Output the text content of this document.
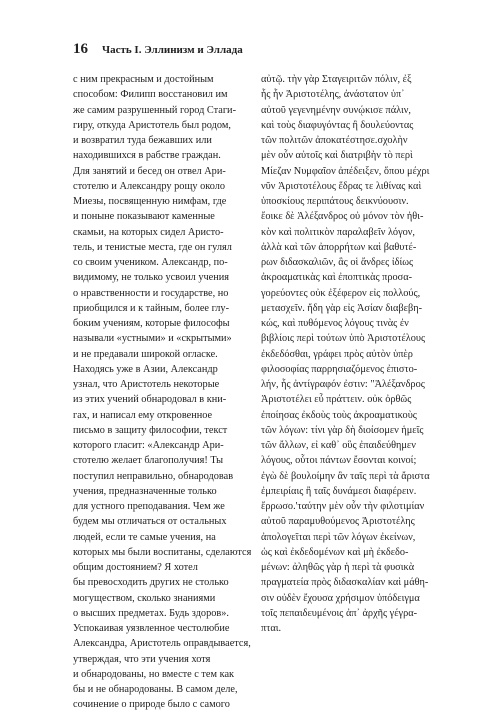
16 Часть I. Эллинизм и Эллада
с ним прекрасным и достойным
способом: Филипп восстановил им
же самим разрушенный город Стаги-
гиру, откуда Аристотель был родом,
и возвратил туда бежавших или
находившихся в рабстве граждан.
Для занятий и бесед он отвел Ари-
стотелю и Александру рощу около
Миезы, посвященную нимфам, где
и поныне показывают каменные
скамьи, на которых сидел Аристо-
тель, и тенистые места, где он гулял
со своим учеником. Александр, по-
видимому, не только усвоил учения
о нравственности и государстве, но
приобщился и к тайным, более глу-
боким учениям, которые философы
называли «устными» и «скрытыми»
и не предавали широкой огласке.
Находясь уже в Азии, Александр
узнал, что Аристотель некоторые
из этих учений обнародовал в кни-
гах, и написал ему откровенное
письмо в защиту философии, текст
которого гласит: «Александр Ари-
стотелю желает благополучия! Ты
поступил неправильно, обнародовав
учения, предназначенные только
для устного преподавания. Чем же
будем мы отличаться от остальных
людей, если те самые учения, на
которых мы были воспитаны, сделаются
общим достоянием? Я хотел
бы превосходить других не столько
могуществом, сколько знаниями
о высших предметах. Будь здоров».
Успокаивая уязвленное честолюбие
Александра, Аристотель оправдывается,
утверждая, что эти учения хотя
и обнародованы, но вместе с тем как
бы и не обнародованы. В самом деле,
сочинение о природе было с самого
αὐτῷ. τὴν γὰρ Σταγειριτῶν πόλιν, ἐξ
ἧς ἦν Ἀριστοτέλης, ἀνάστατον ὑπ᾽
αὐτοῦ γεγενημένην συνῴκισε πάλιν,
καὶ τοὺς διαφυγόντας ἢ δουλεύοντας
τῶν πολιτῶν ἀποκατέστησε.σχολὴν
μὲν οὖν αὐτοῖς καὶ διατριβὴν τὸ περὶ
Μίεζαν Νυμφαῖον ἀπέδειξεν, ὅπου μέχρι
νῦν Ἀριστοτέλους ἕδρας τε λιθίνας καὶ
ὑποσκίους περιπάτους δεικνύουσιν.
ἔοικε δὲ Ἀλέξανδρος οὐ μόνον τὸν ἠθι-
κὸν καὶ πολιτικὸν παραλαβεῖν λόγον,
ἀλλὰ καὶ τῶν ἀπορρήτων καὶ βαθυτέ-
ρων διδασκαλιῶν, ἃς οἱ ἄνδρες ἰδίως
ἀκροαματικὰς καὶ ἐποπτικὰς προσα-
γορεύοντες οὐκ ἐξέφερον εἰς πολλούς,
μετασχεῖν. ἤδη γὰρ εἰς Ἀσίαν διαβεβη-
κώς, καὶ πυθόμενος λόγους τινὰς ἐν
βιβλίοις περὶ τούτων ὑπὸ Ἀριστοτέλους
ἐκδεδόσθαι, γράφει πρὸς αὐτὸν ὑπὲρ
φιλοσοφίας παρρησιαζόμενος ἐπιστο-
λήν, ἧς ἀντίγραφόν ἐστιν: "Ἀλέξανδρος
Ἀριστοτέλει εὖ πράττειν. οὐκ ὀρθῶς
ἐποίησας ἐκδοὺς τοὺς ἀκροαματικοὺς
τῶν λόγων: τίνι γὰρ δὴ διοίσομεν ἡμεῖς
τῶν ἄλλων, εἰ καθ᾽ οὓς ἐπαιδεύθημεν
λόγους, οὗτοι πάντων ἔσονται κοινοί;
ἐγὼ δὲ βουλοίμην ἂν ταῖς περὶ τὰ ἄριστα
ἐμπειρίαις ἢ ταῖς δυνάμεσι διαφέρειν.
ἔρρωσο.'ταύτην μὲν οὖν τὴν φιλοτιμίαν
αὐτοῦ παραμυθούμενος Ἀριστοτέλης
ἀπολογεῖται περὶ τῶν λόγων ἐκείνων,
ὡς καὶ ἐκδεδομένων καὶ μὴ ἐκδεδο-
μένων: ἀληθῶς γὰρ ἡ περὶ τὰ φυσικὰ
πραγματεία πρὸς διδασκαλίαν καὶ μάθη-
σιν οὐδὲν ἔχουσα χρήσιμον ὑπόδειγμα
τοῖς πεπαιδευμένοις ἀπ᾽ ἀρχῆς γέγρα-
πται.
